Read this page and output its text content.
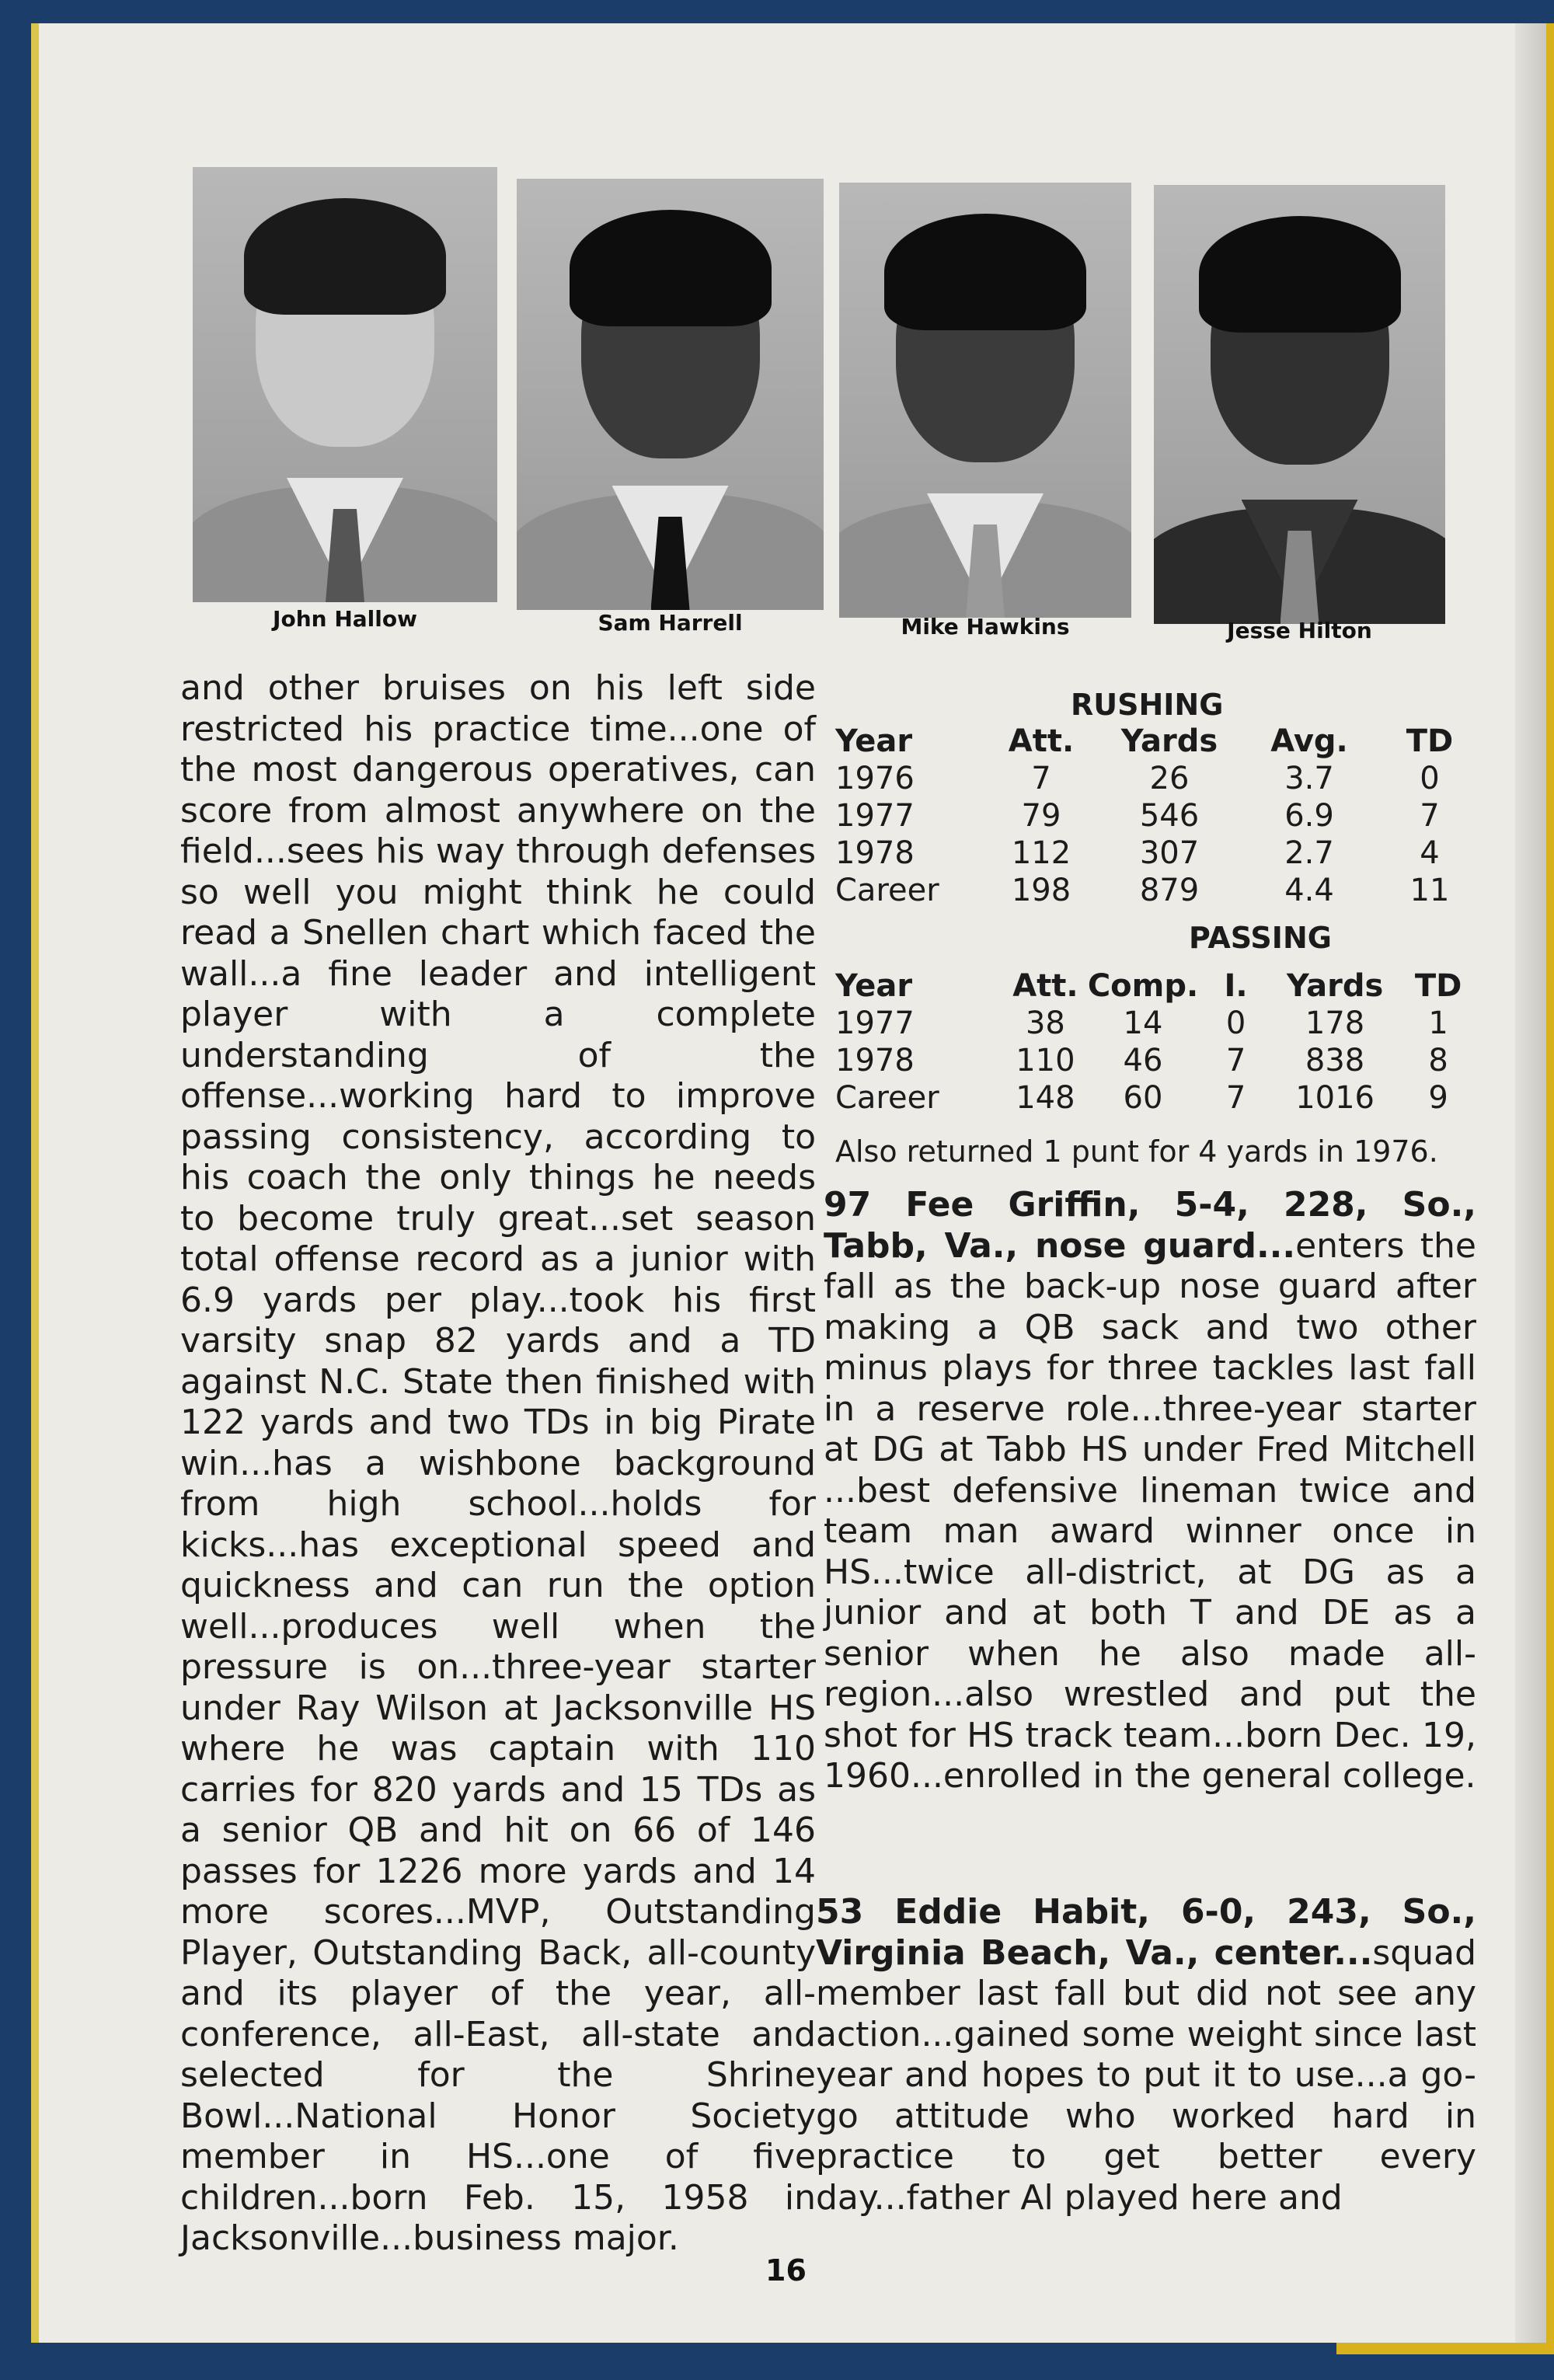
John Hallow	Sam Harrell	Mike Hawkins	Jesse Hilton
and other bruises on his left side restricted his practice time...one of the most dangerous operatives, can score from almost anywhere on the field...sees his way through defenses so well you might think he could read a Snellen chart which faced the wall...a fine leader and intelligent player with a complete understanding of the offense...working hard to improve passing consistency, according to his coach the only things he needs to become truly great...set season total offense record as a junior with 6.9 yards per play...took his first varsity snap 82 yards and a TD against N.C. State then finished with 122 yards and two TDs in big Pirate win...has a wishbone background from high school...holds for kicks...has exceptional speed and quickness and can run the option well...produces well when the pressure is on...three-year starter under Ray Wilson at Jacksonville HS where he was captain with 110 carries for 820 yards and 15 TDs as a senior QB and hit on 66 of 146 passes for 1226 more yards and 14 more scores...MVP, Outstanding Player, Outstanding Back, all-county and its player of the year, all-conference, all-East, all-state and selected for the Shrine Bowl...National Honor Society member in HS...one of five children...born Feb. 15, 1958 in Jacksonville...business major.
RUSHING
Year	Att.	Yards	Avg.	TD
1976	7	26	3.7	0
1977	79	546	6.9	7
1978	112	307	2.7	4
Career	198	879	4.4	11
PASSING
Year	Att.	Comp.	I.	Yards	TD
1977	38	14	0	178	1
1978	110	46	7	838	8
Career	148	60	7	1016	9
Also returned 1 punt for 4 yards in 1976.
97 Fee Griffin, 5-4, 228, So., Tabb, Va., nose guard...enters the fall as the back-up nose guard after making a QB sack and two other minus plays for three tackles last fall in a reserve role...three-year starter at DG at Tabb HS under Fred Mitchell ...best defensive lineman twice and team man award winner once in HS...twice all-district, at DG as a junior and at both T and DE as a senior when he also made all-region...also wrestled and put the shot for HS track team...born Dec. 19, 1960...enrolled in the general college.
53 Eddie Habit, 6-0, 243, So., Virginia Beach, Va., center...squad member last fall but did not see any action...gained some weight since last year and hopes to put it to use...a go-go attitude who worked hard in practice to get better every day...father Al played here and
16
